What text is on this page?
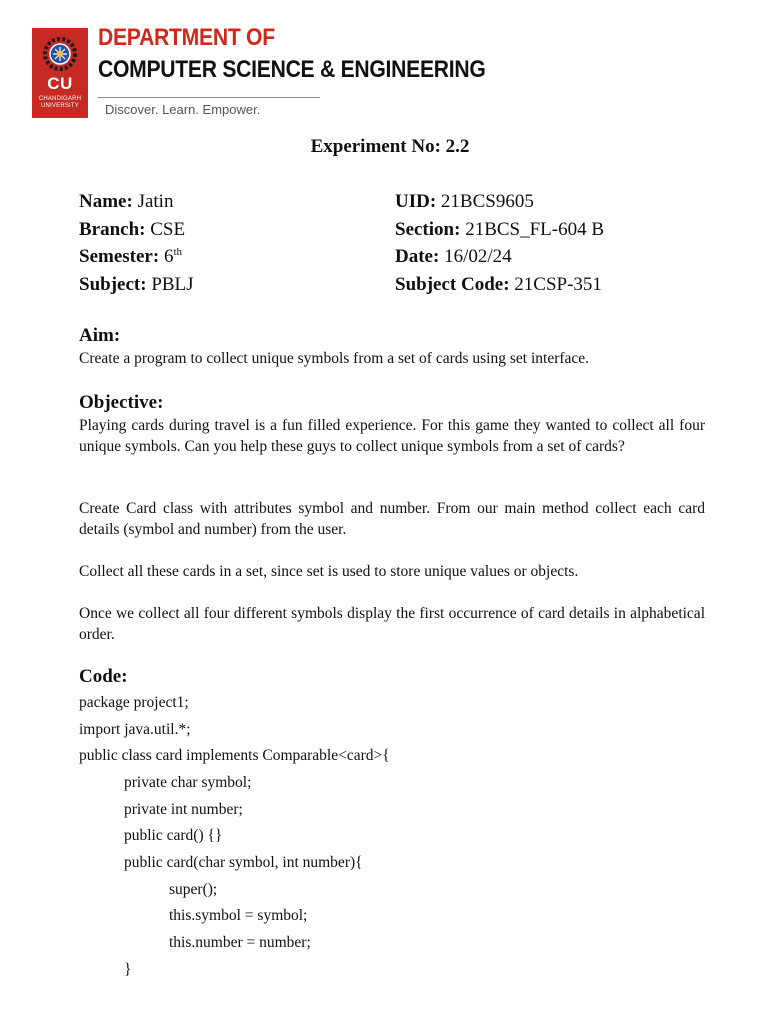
CU
CHANDIGARH UNIVERSITY
DEPARTMENT OF
COMPUTER SCIENCE & ENGINEERING
Discover. Learn. Empower.
Experiment No: 2.2
Name: Jatin	UID: 21BCS9605
Branch: CSE	Section: 21BCS_FL-604 B
Semester: 6th	Date: 16/02/24
Subject: PBLJ	Subject Code: 21CSP-351
Aim:
Create a program to collect unique symbols from a set of cards using set interface.
Objective:
Playing cards during travel is a fun filled experience. For this game they wanted to collect all four unique symbols. Can you help these guys to collect unique symbols from a set of cards?
Create Card class with attributes symbol and number. From our main method collect each card details (symbol and number) from the user.
Collect all these cards in a set, since set is used to store unique values or objects.
Once we collect all four different symbols display the first occurrence of card details in alphabetical order.
Code:
package project1;
import java.util.*;
public class card implements Comparable<card>{
private char symbol;
private int number;
public card() {}
public card(char symbol, int number){
super();
this.symbol = symbol;
this.number = number;
}
